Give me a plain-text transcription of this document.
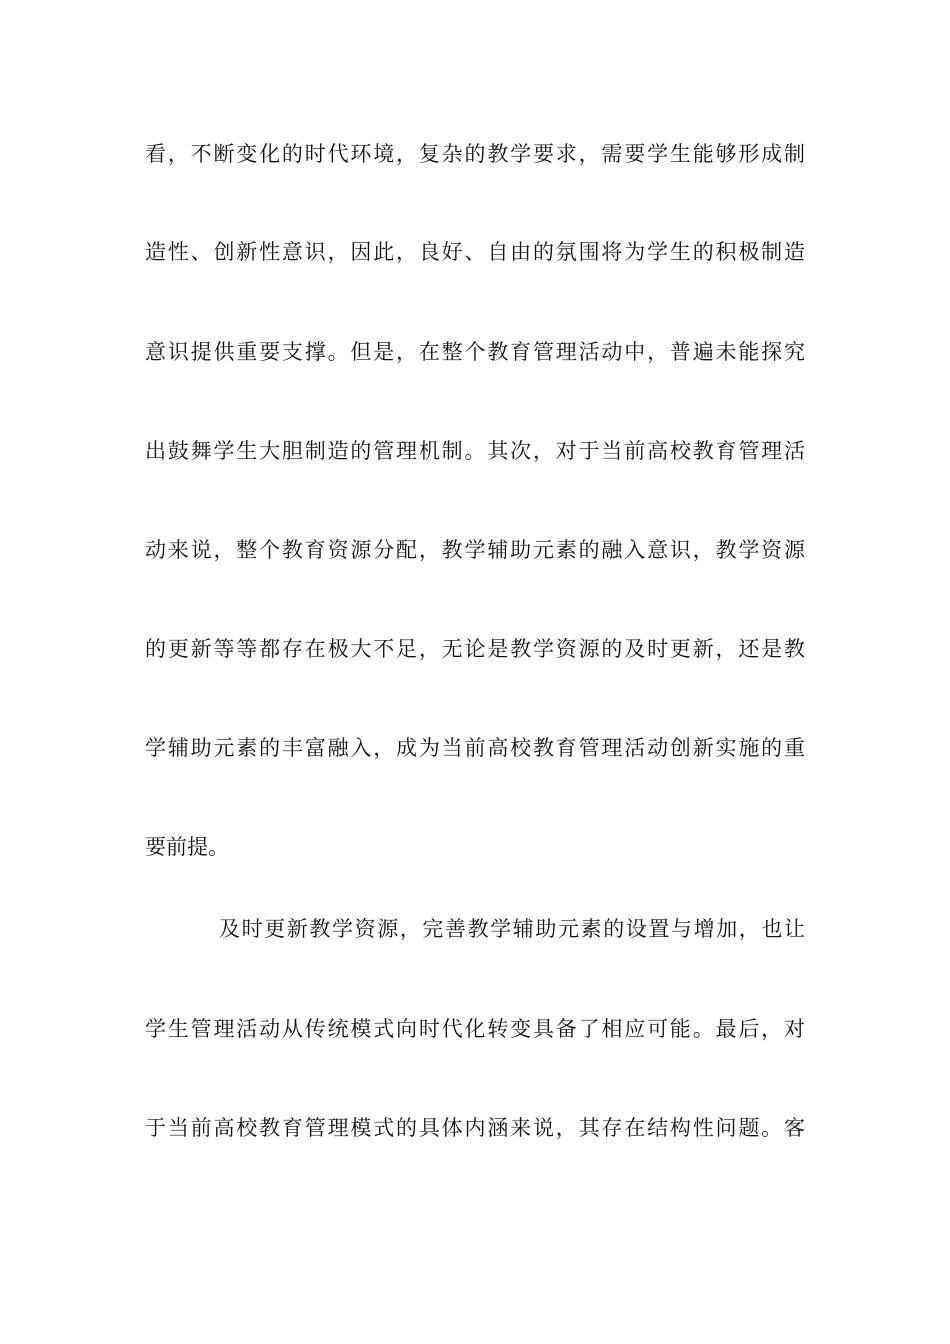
看，不断变化的时代环境，复杂的教学要求，需要学生能够形成制
造性、创新性意识，因此，良好、自由的氛围将为学生的积极制造
意识提供重要支撑。但是，在整个教育管理活动中，普遍未能探究
出鼓舞学生大胆制造的管理机制。其次，对于当前高校教育管理活
动来说，整个教育资源分配，教学辅助元素的融入意识，教学资源
的更新等等都存在极大不足，无论是教学资源的及时更新，还是教
学辅助元素的丰富融入，成为当前高校教育管理活动创新实施的重
要前提。
及时更新教学资源，完善教学辅助元素的设置与增加，也让
学生管理活动从传统模式向时代化转变具备了相应可能。最后，对
于当前高校教育管理模式的具体内涵来说，其存在结构性问题。客
